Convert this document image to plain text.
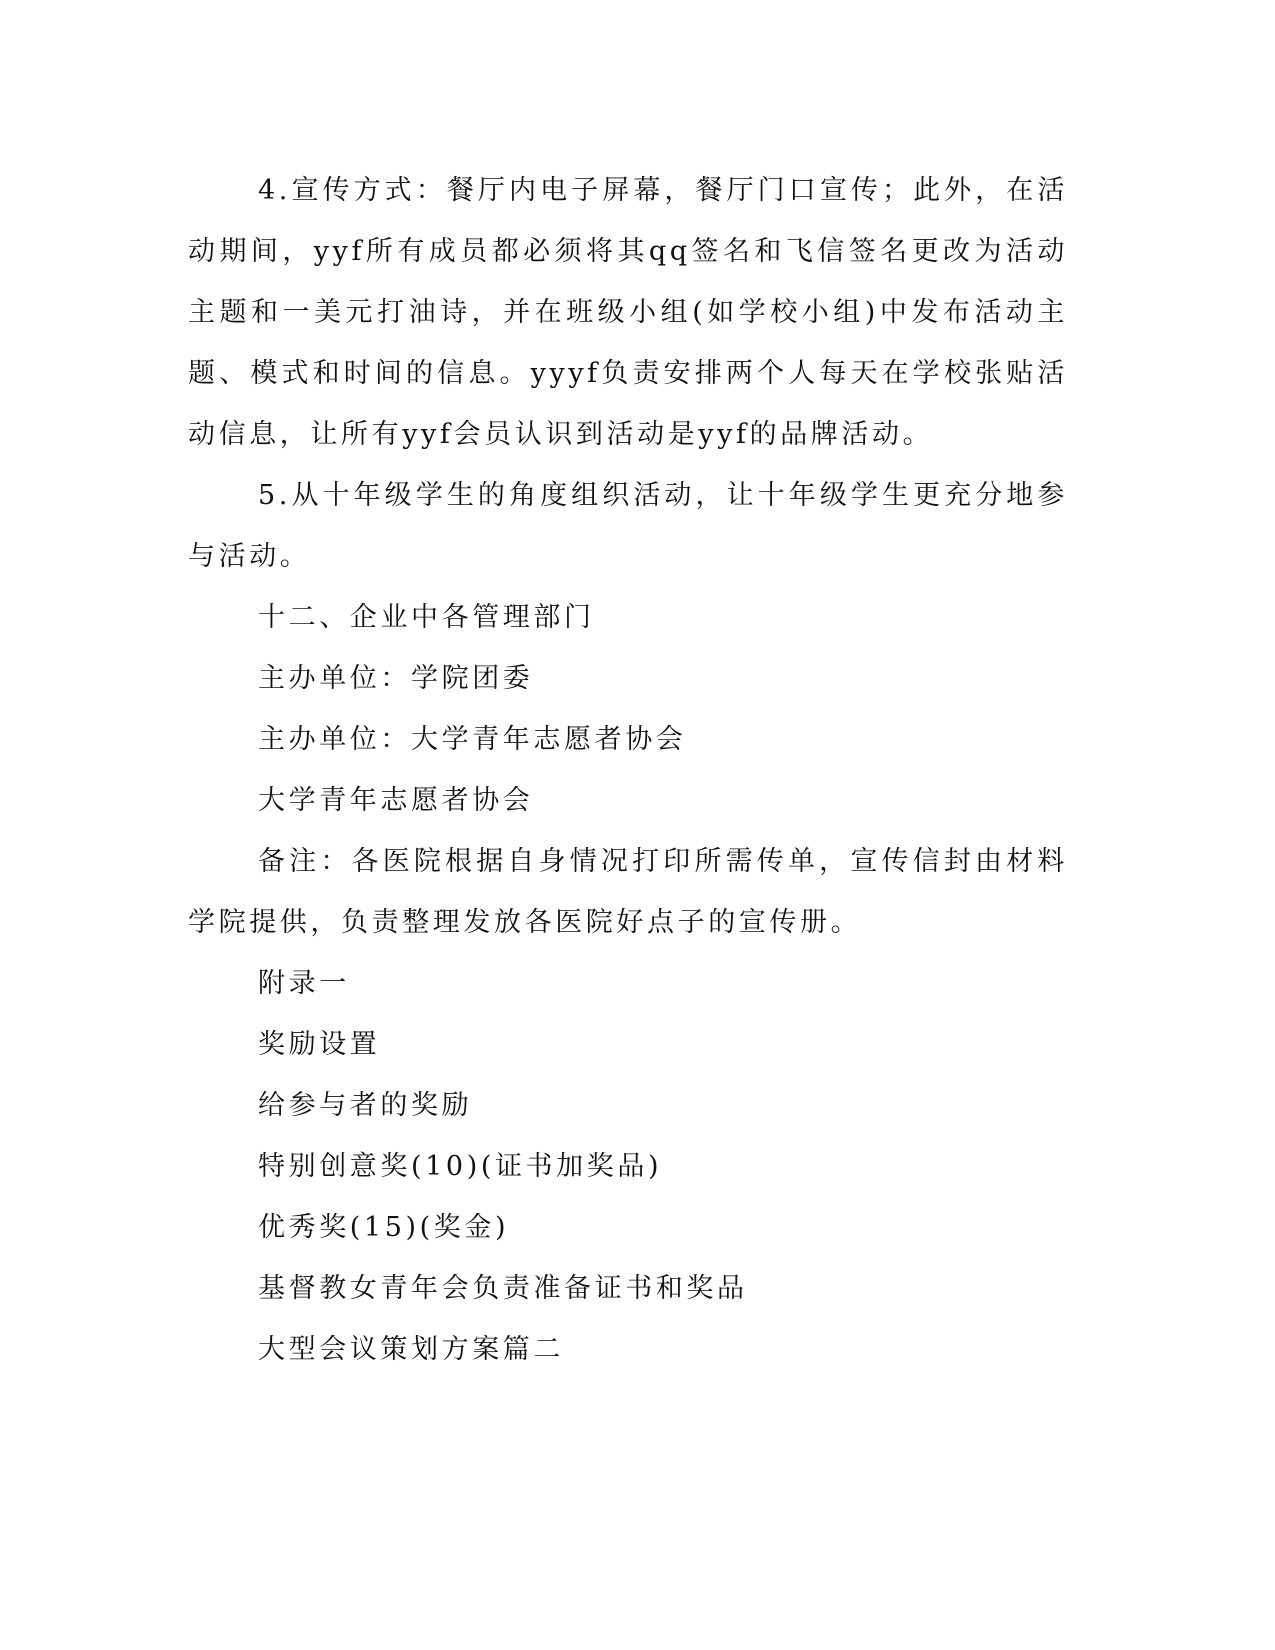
4.宣传方式：餐厅内电子屏幕，餐厅门口宣传；此外，在活动期间，yyf所有成员都必须将其qq签名和飞信签名更改为活动主题和一美元打油诗，并在班级小组(如学校小组)中发布活动主题、模式和时间的信息。yyyf负责安排两个人每天在学校张贴活动信息，让所有yyf会员认识到活动是yyf的品牌活动。

5.从十年级学生的角度组织活动，让十年级学生更充分地参与活动。

十二、企业中各管理部门

主办单位：学院团委

主办单位：大学青年志愿者协会

大学青年志愿者协会

备注：各医院根据自身情况打印所需传单，宣传信封由材料学院提供，负责整理发放各医院好点子的宣传册。

附录一

奖励设置

给参与者的奖励

特别创意奖(10)(证书加奖品)

优秀奖(15)(奖金)

基督教女青年会负责准备证书和奖品

大型会议策划方案篇二
